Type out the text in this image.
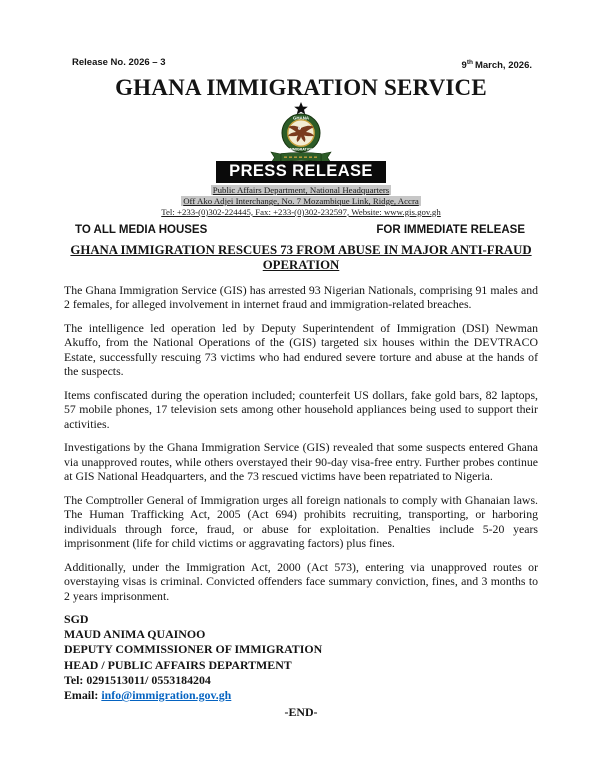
Release No. 2026 – 3	9th March, 2026.
GHANA IMMIGRATION SERVICE
GHANA
IMMIGRATION
PRESS RELEASE
Public Affairs Department, National Headquarters
Off Ako Adjei Interchange, No. 7 Mozambique Link, Ridge, Accra
Tel: +233-(0)302-224445, Fax: +233-(0)302-232597, Website: www.gis.gov.gh
TO ALL MEDIA HOUSES	FOR IMMEDIATE RELEASE
GHANA IMMIGRATION RESCUES 73 FROM ABUSE IN MAJOR ANTI-FRAUD OPERATION

The Ghana Immigration Service (GIS) has arrested 93 Nigerian Nationals, comprising 91 males and 2 females, for alleged involvement in internet fraud and immigration-related breaches.

The intelligence led operation led by Deputy Superintendent of Immigration (DSI) Newman Akuffo, from the National Operations of the (GIS) targeted six houses within the DEVTRACO Estate, successfully rescuing 73 victims who had endured severe torture and abuse at the hands of the suspects.

Items confiscated during the operation included; counterfeit US dollars, fake gold bars, 82 laptops, 57 mobile phones, 17 television sets among other household appliances being used to support their activities.

Investigations by the Ghana Immigration Service (GIS) revealed that some suspects entered Ghana via unapproved routes, while others overstayed their 90-day visa-free entry. Further probes continue at GIS National Headquarters, and the 73 rescued victims have been repatriated to Nigeria.

The Comptroller General of Immigration urges all foreign nationals to comply with Ghanaian laws. The Human Trafficking Act, 2005 (Act 694) prohibits recruiting, transporting, or harboring individuals through force, fraud, or abuse for exploitation. Penalties include 5-20 years imprisonment (life for child victims or aggravating factors) plus fines.

Additionally, under the Immigration Act, 2000 (Act 573), entering via unapproved routes or overstaying visas is criminal. Convicted offenders face summary conviction, fines, and 3 months to 2 years imprisonment.

SGD
MAUD ANIMA QUAINOO
DEPUTY COMMISSIONER OF IMMIGRATION
HEAD / PUBLIC AFFAIRS DEPARTMENT
Tel: 0291513011/ 0553184204
Email: info@immigration.gov.gh
-END-
